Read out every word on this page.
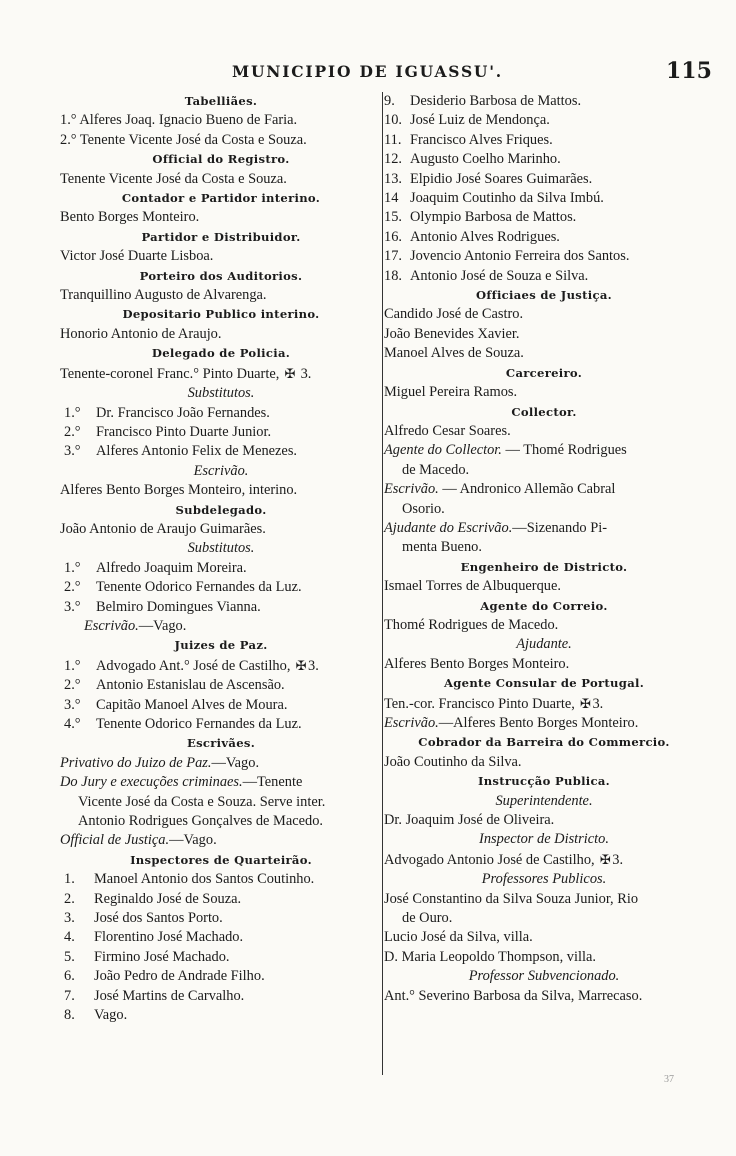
MUNICIPIO DE IGUASSU'.	115
Tabelliães.
1.° Alferes Joaq. Ignacio Bueno de Faria.
2.° Tenente Vicente José da Costa e Souza.
Official do Registro.
Tenente Vicente José da Costa e Souza.
Contador e Partidor interino.
Bento Borges Monteiro.
Partidor e Distribuidor.
Victor José Duarte Lisboa.
Porteiro dos Auditorios.
Tranquillino Augusto de Alvarenga.
Depositario Publico interino.
Honorio Antonio de Araujo.
Delegado de Policia.
Tenente-coronel Franc.° Pinto Duarte, ✠ 3.
Substitutos.
1.° Dr. Francisco João Fernandes.
2.° Francisco Pinto Duarte Junior.
3.° Alferes Antonio Felix de Menezes.
Escrivão.
Alferes Bento Borges Monteiro, interino.
Subdelegado.
João Antonio de Araujo Guimarães.
Substitutos.
1.° Alfredo Joaquim Moreira.
2.° Tenente Odorico Fernandes da Luz.
3.° Belmiro Domingues Vianna.
Escrivão.—Vago.
Juizes de Paz.
1.° Advogado Ant.° José de Castilho, ✠ 3.
2.° Antonio Estanislau de Ascensão.
3.° Capitão Manoel Alves de Moura.
4.° Tenente Odorico Fernandes da Luz.
Escrivães.
Privativo do Juizo de Paz.—Vago.
Do Jury e execuções criminaes.—Tenente
Vicente José da Costa e Souza. Serve inter.
Antonio Rodrigues Gonçalves de Macedo.
Official de Justiça.—Vago.
Inspectores de Quarteirão.
1. Manoel Antonio dos Santos Coutinho.
2. Reginaldo José de Souza.
3. José dos Santos Porto.
4. Florentino José Machado.
5. Firmino José Machado.
6. João Pedro de Andrade Filho.
7. José Martins de Carvalho.
8. Vago.
9. Desiderio Barbosa de Mattos.
10. José Luiz de Mendonça.
11. Francisco Alves Friques.
12. Augusto Coelho Marinho.
13. Elpidio José Soares Guimarães.
14 Joaquim Coutinho da Silva Imbú.
15. Olympio Barbosa de Mattos.
16. Antonio Alves Rodrigues.
17. Jovencio Antonio Ferreira dos Santos.
18. Antonio José de Souza e Silva.
Officiaes de Justiça.
Candido José de Castro.
João Benevides Xavier.
Manoel Alves de Souza.
Carcereiro.
Miguel Pereira Ramos.
Collector.
Alfredo Cesar Soares.
Agente do Collector. — Thomé Rodrigues
de Macedo.
Escrivão. — Andronico Allemão Cabral
Osorio.
Ajudante do Escrivão.—Sizenando Pi-
menta Bueno.
Engenheiro de Districto.
Ismael Torres de Albuquerque.
Agente do Correio.
Thomé Rodrigues de Macedo.
Ajudante.
Alferes Bento Borges Monteiro.
Agente Consular de Portugal.
Ten.-cor. Francisco Pinto Duarte, ✠ 3.
Escrivão.—Alferes Bento Borges Monteiro.
Cobrador da Barreira do Commercio.
João Coutinho da Silva.
Instrucção Publica.
Superintendente.
Dr. Joaquim José de Oliveira.
Inspector de Districto.
Advogado Antonio José de Castilho, ✠ 3.
Professores Publicos.
José Constantino da Silva Souza Junior, Rio
de Ouro.
Lucio José da Silva, villa.
D. Maria Leopoldo Thompson, villa.
Professor Subvencionado.
Ant.° Severino Barbosa da Silva, Marrecaso.
37
